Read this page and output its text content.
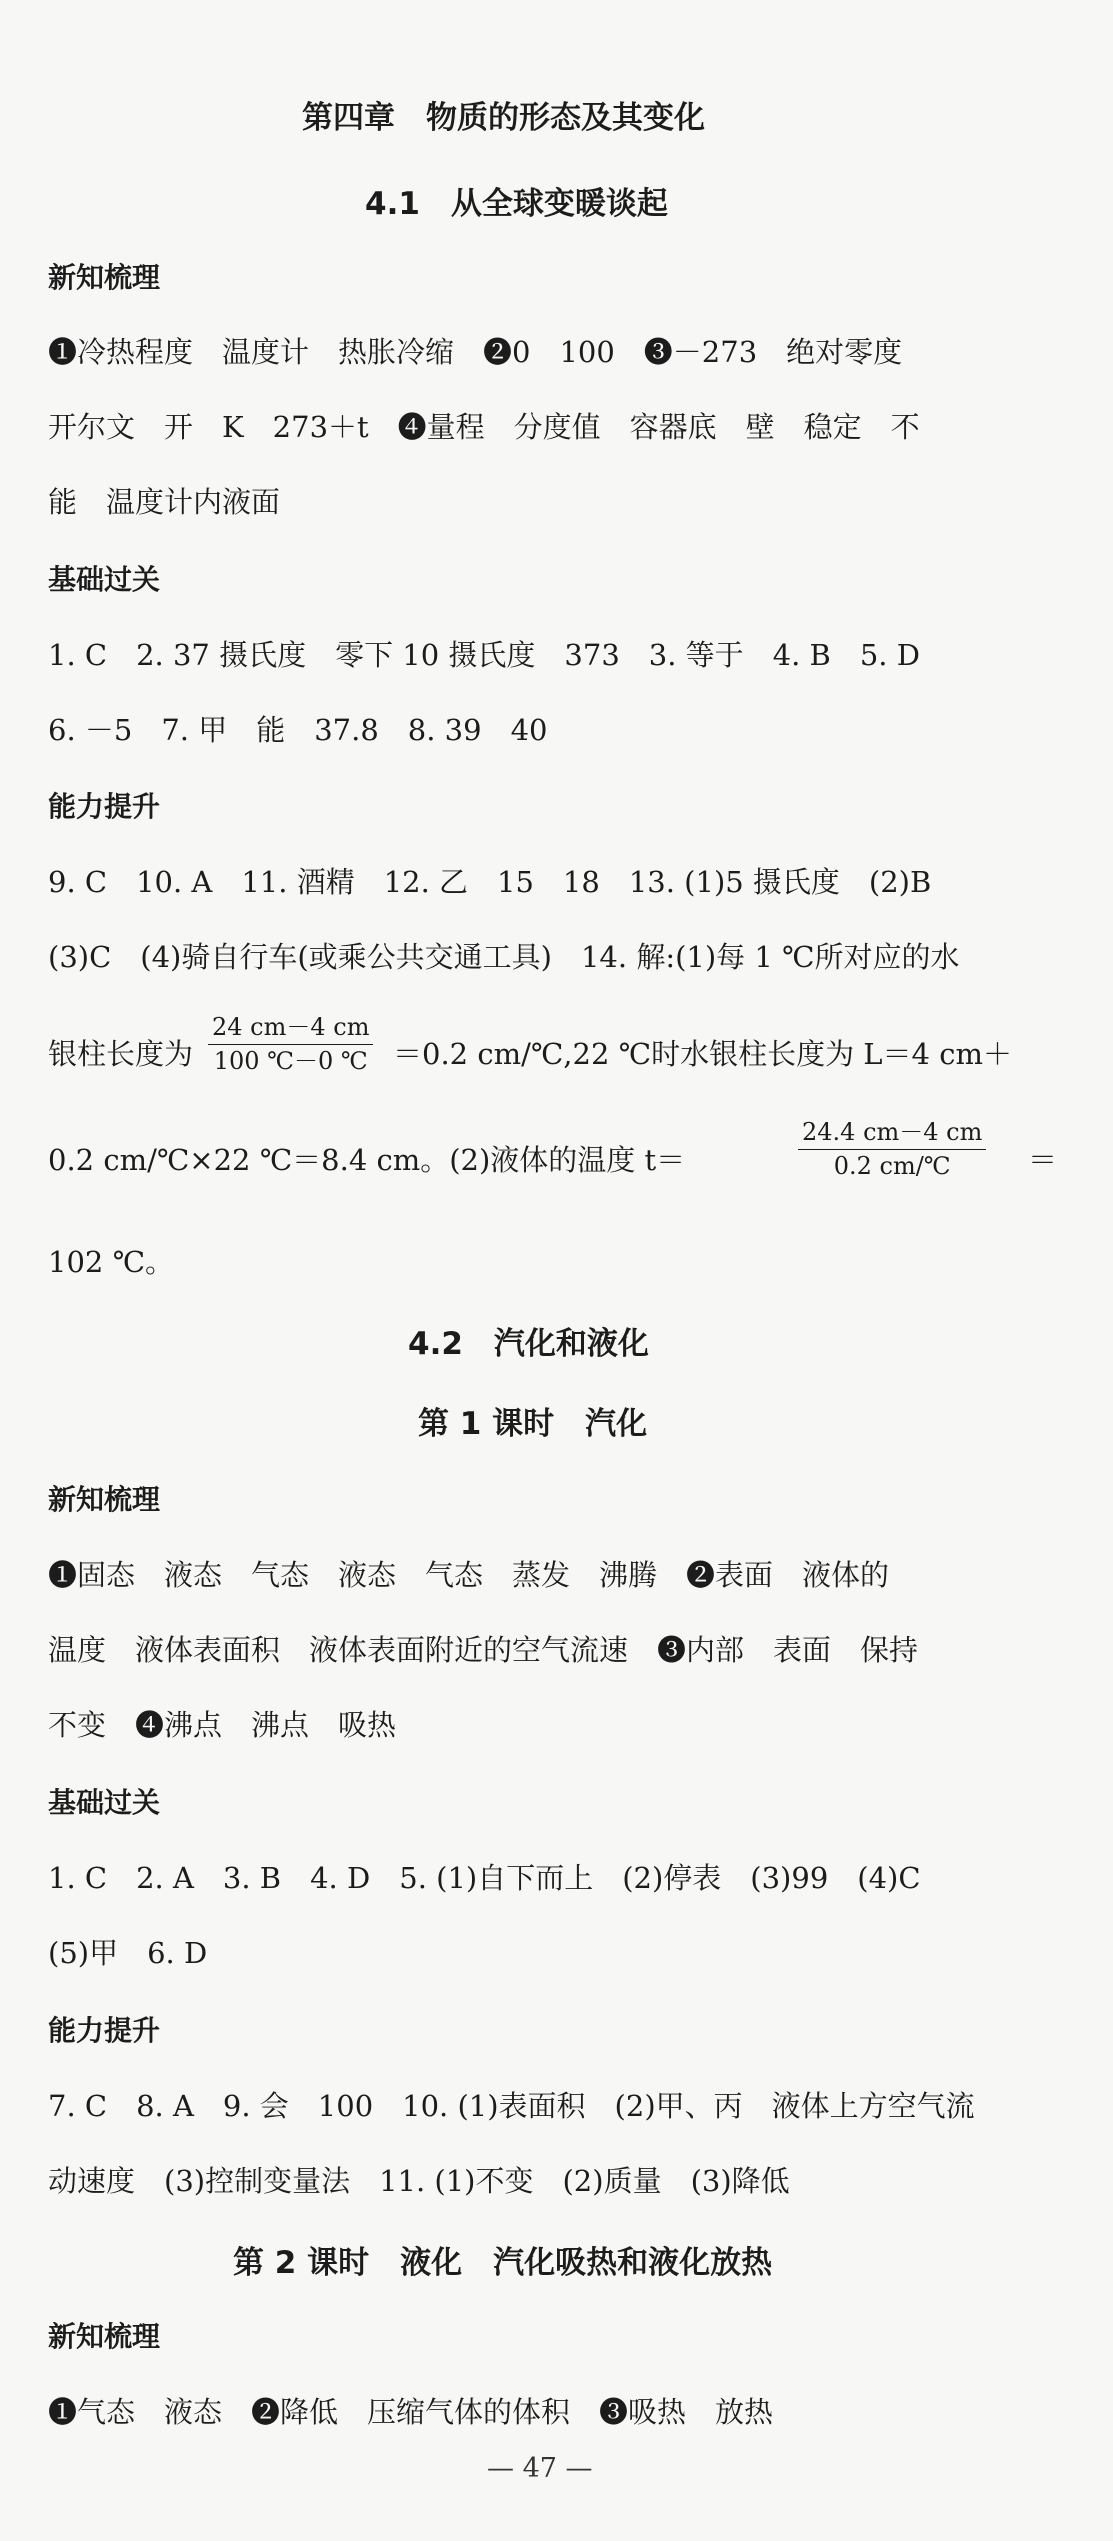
第四章　物质的形态及其变化
4.1　从全球变暖谈起
新知梳理
❶冷热程度　温度计　热胀冷缩　❷0　100　❸－273　绝对零度
开尔文　开　K　273＋t　❹量程　分度值　容器底　壁　稳定　不
能　温度计内液面
基础过关
1. C　2. 37 摄氏度　零下 10 摄氏度　373　3. 等于　4. B　5. D
6. －5　7. 甲　能　37.8　8. 39　40
能力提升
9. C　10. A　11. 酒精　12. 乙　15　18　13. (1)5 摄氏度　(2)B
(3)C　(4)骑自行车(或乘公共交通工具)　14. 解:(1)每 1 ℃所对应的水
银柱长度为 $\frac{24 cm-4 cm}{100 ℃-0 ℃} =0.2$ cm/℃,22 ℃时水银柱长度为 L＝4 cm＋
0.2 cm/℃×22 ℃＝8.4 cm。(2)液体的温度 t＝	$\frac{24.4 cm-4 cm}{0.2 cm/℃}$ ＝
102 ℃。
4.2　汽化和液化
第 1 课时　汽化
新知梳理
❶固态　液态　气态　液态　气态　蒸发　沸腾　❷表面　液体的
温度　液体表面积　液体表面附近的空气流速　❸内部　表面　保持
不变　❹沸点　沸点　吸热
基础过关
1. C　2. A　3. B　4. D　5. (1)自下而上　(2)停表　(3)99　(4)C
(5)甲　6. D
能力提升
7. C　8. A　9. 会　100　10. (1)表面积　(2)甲、丙　液体上方空气流
动速度　(3)控制变量法　11. (1)不变　(2)质量　(3)降低
第 2 课时　液化　汽化吸热和液化放热
新知梳理
❶气态　液态　❷降低　压缩气体的体积　❸吸热　放热
— 47 —
